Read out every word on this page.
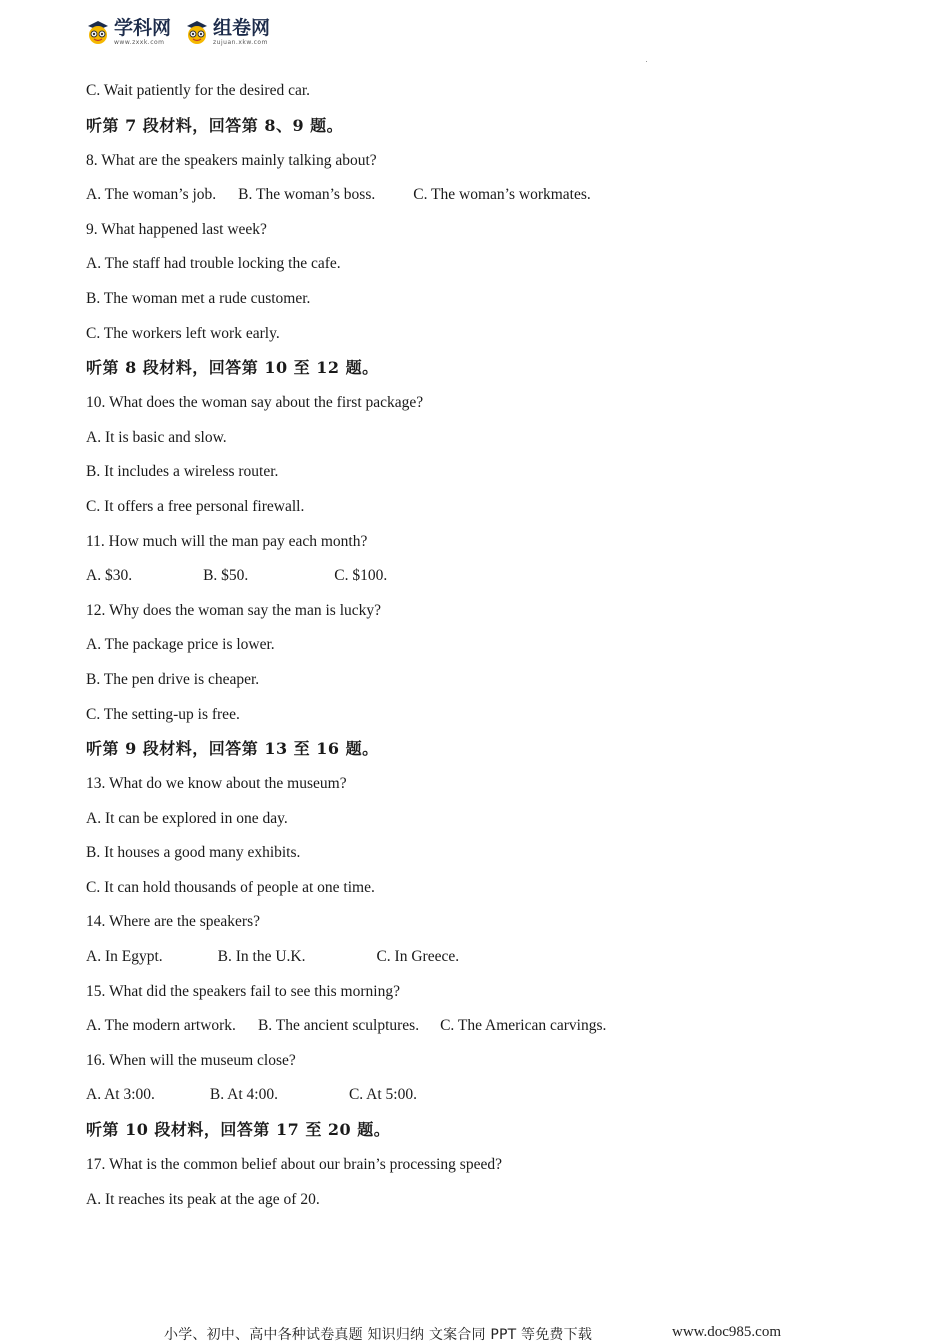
学科网
www.zxxk.com
组卷网
zujuan.xkw.com
C. Wait patiently for the desired car.
听第 7 段材料，回答第 8、9 题。
8. What are the speakers mainly talking about?
A. The woman’s job. B. The woman’s boss. C. The woman’s workmates.
9. What happened last week?
A. The staff had trouble locking the cafe.
B. The woman met a rude customer.
C. The workers left work early.
听第 8 段材料，回答第 10 至 12 题。
10. What does the woman say about the first package?
A. It is basic and slow.
B. It includes a wireless router.
C. It offers a free personal firewall.
11. How much will the man pay each month?
A. $30.	B. $50.	C. $100.
12. Why does the woman say the man is lucky?
A. The package price is lower.
B. The pen drive is cheaper.
C. The setting-up is free.
听第 9 段材料，回答第 13 至 16 题。
13. What do we know about the museum?
A. It can be explored in one day.
B. It houses a good many exhibits.
C. It can hold thousands of people at one time.
14. Where are the speakers?
A. In Egypt.	B. In the U.K.	C. In Greece.
15. What did the speakers fail to see this morning?
A. The modern artwork. B. The ancient sculptures. C. The American carvings.
16. When will the museum close?
A. At 3:00.	B. At 4:00.	C. At 5:00.
听第 10 段材料，回答第 17 至 20 题。
17. What is the common belief about our brain’s processing speed?
A. It reaches its peak at the age of 20.
小学、初中、高中各种试卷真题 知识归纳 文案合同 PPT 等免费下载	www.doc985.com
